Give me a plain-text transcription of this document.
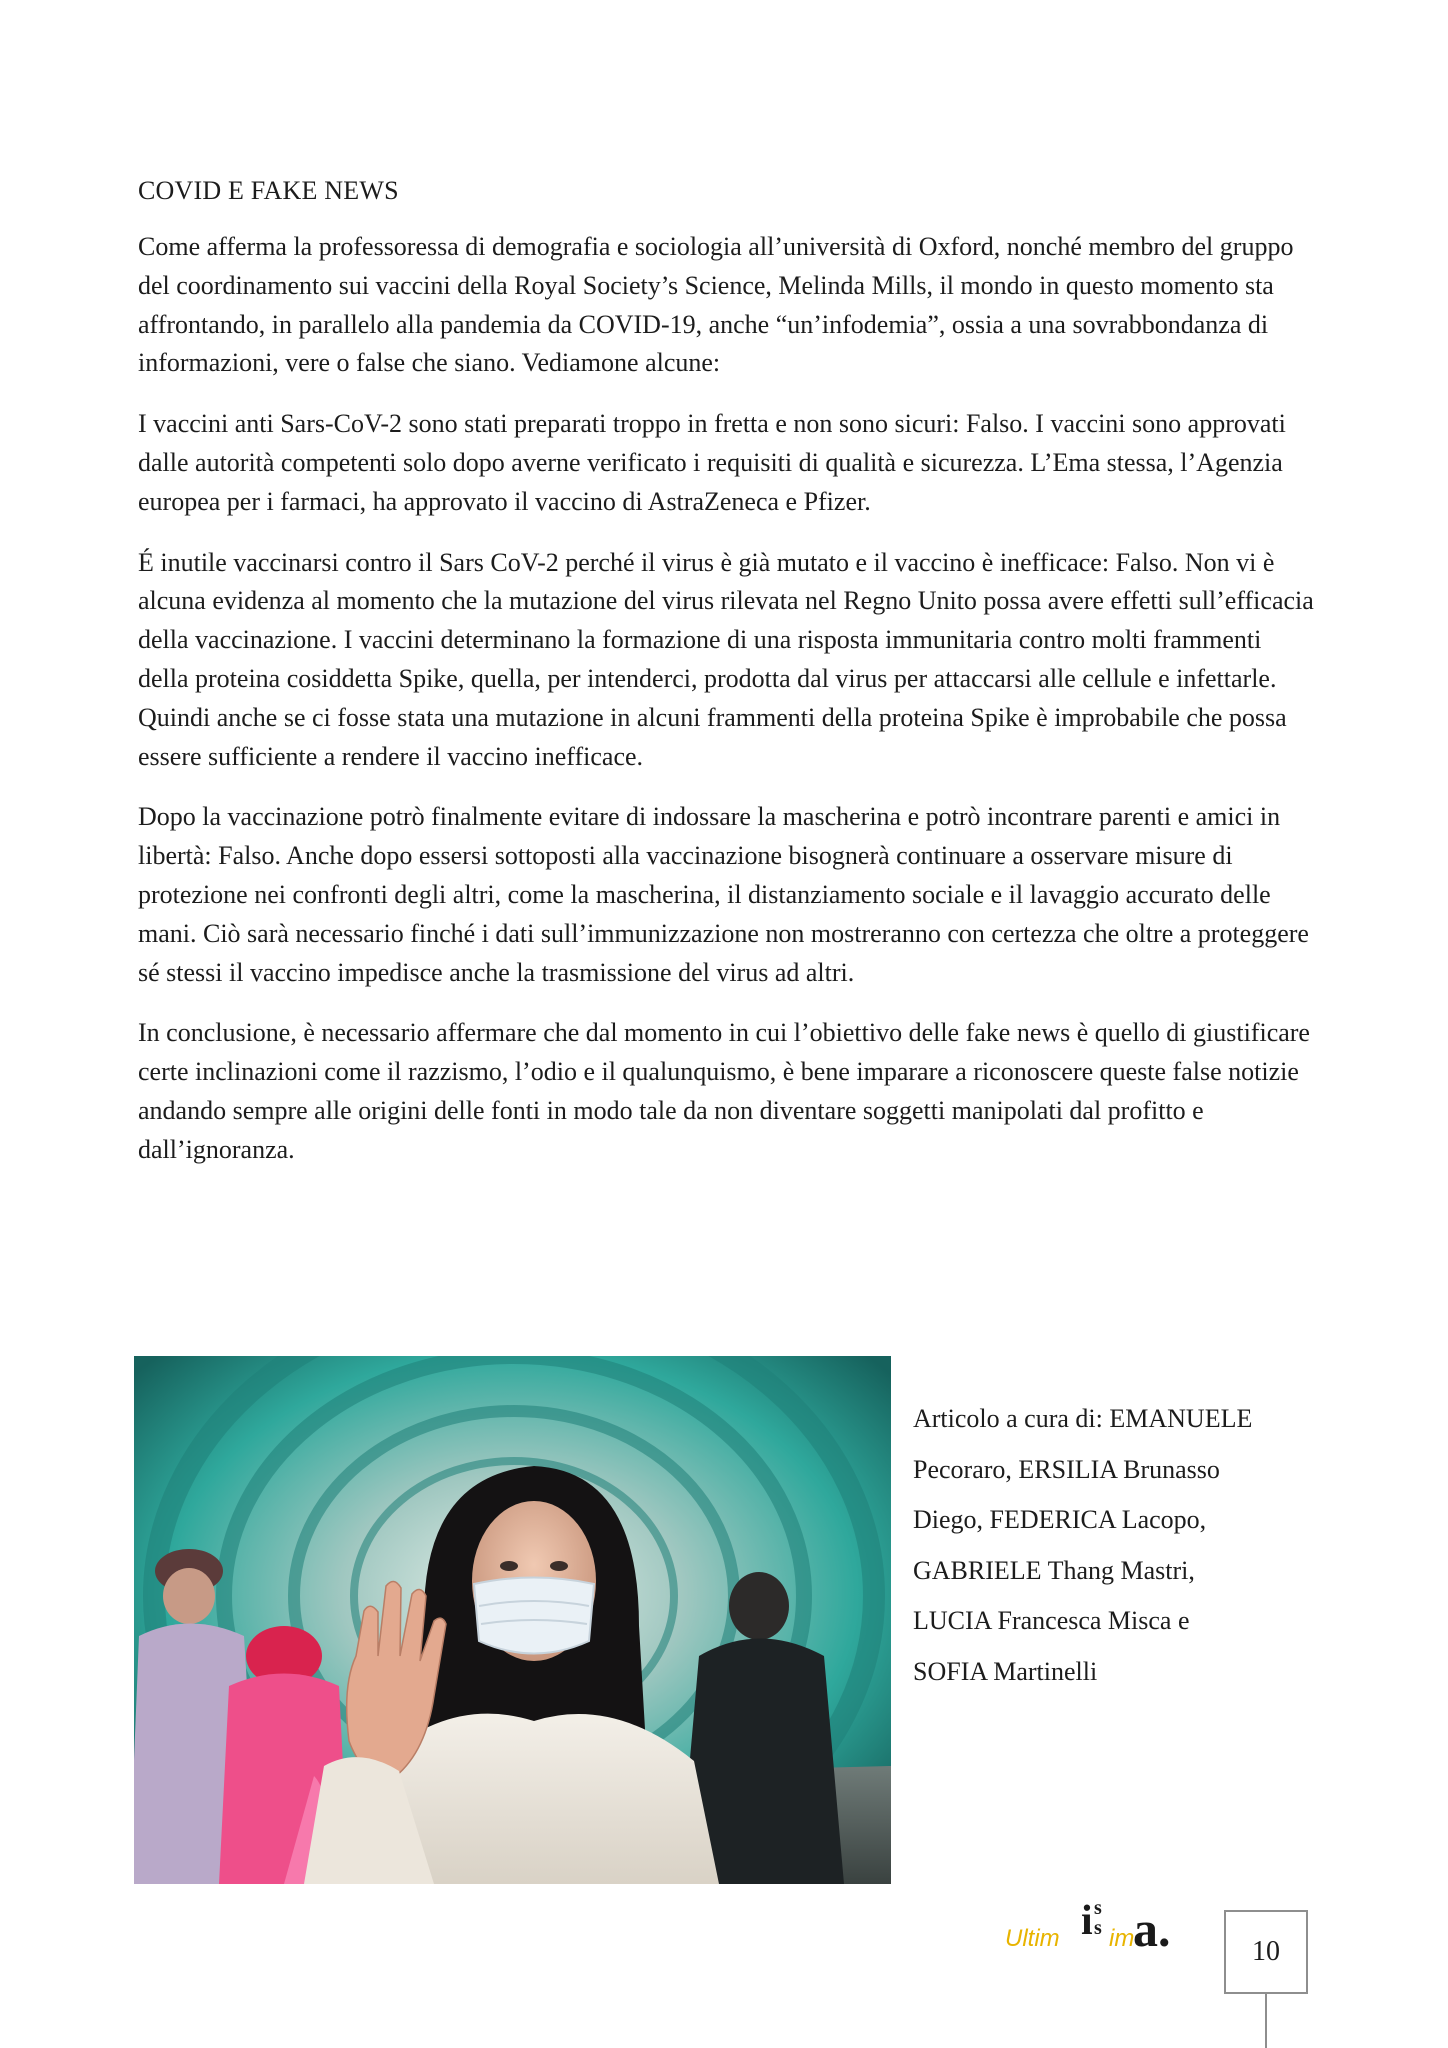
COVID E FAKE NEWS

Come afferma la professoressa di demografia e sociologia all’università di Oxford, nonché membro del gruppo del coordinamento sui vaccini della Royal Society’s Science, Melinda Mills, il mondo in questo momento sta affrontando, in parallelo alla pandemia da COVID-19, anche “un’infodemia”, ossia a una sovrabbondanza di informazioni, vere o false che siano. Vediamone alcune:

I vaccini anti Sars-CoV-2 sono stati preparati troppo in fretta e non sono sicuri: Falso. I vaccini sono approvati dalle autorità competenti solo dopo averne verificato i requisiti di qualità e sicurezza. L’Ema stessa, l’Agenzia europea per i farmaci, ha approvato il vaccino di AstraZeneca e Pfizer.

É inutile vaccinarsi contro il Sars CoV-2 perché il virus è già mutato e il vaccino è inefficace: Falso. Non vi è alcuna evidenza al momento che la mutazione del virus rilevata nel Regno Unito possa avere effetti sull’efficacia della vaccinazione. I vaccini determinano la formazione di una risposta immunitaria contro molti frammenti della proteina cosiddetta Spike, quella, per intenderci, prodotta dal virus per attaccarsi alle cellule e infettarle. Quindi anche se ci fosse stata una mutazione in alcuni frammenti della proteina Spike è improbabile che possa essere sufficiente a rendere il vaccino inefficace.

Dopo la vaccinazione potrò finalmente evitare di indossare la mascherina e potrò incontrare parenti e amici in libertà: Falso. Anche dopo essersi sottoposti alla vaccinazione bisognerà continuare a osservare misure di protezione nei confronti degli altri, come la mascherina, il distanziamento sociale e il lavaggio accurato delle mani. Ciò sarà necessario finché i dati sull’immunizzazione non mostreranno con certezza che oltre a proteggere sé stessi il vaccino impedisce anche la trasmissione del virus ad altri.

In conclusione, è necessario affermare che dal momento in cui l’obiettivo delle fake news è quello di giustificare certe inclinazioni come il razzismo, l’odio e il qualunquismo, è bene imparare a riconoscere queste false notizie andando sempre alle origini delle fonti in modo tale da non diventare soggetti manipolati dal profitto e dall’ignoranza.

Articolo a cura di: EMANUELE
Pecoraro, ERSILIA Brunasso
Diego, FEDERICA Lacopo,
GABRIELE Thang Mastri,
LUCIA Francesca Misca e
SOFIA Martinelli
Ultim i s
s im
a.	10
